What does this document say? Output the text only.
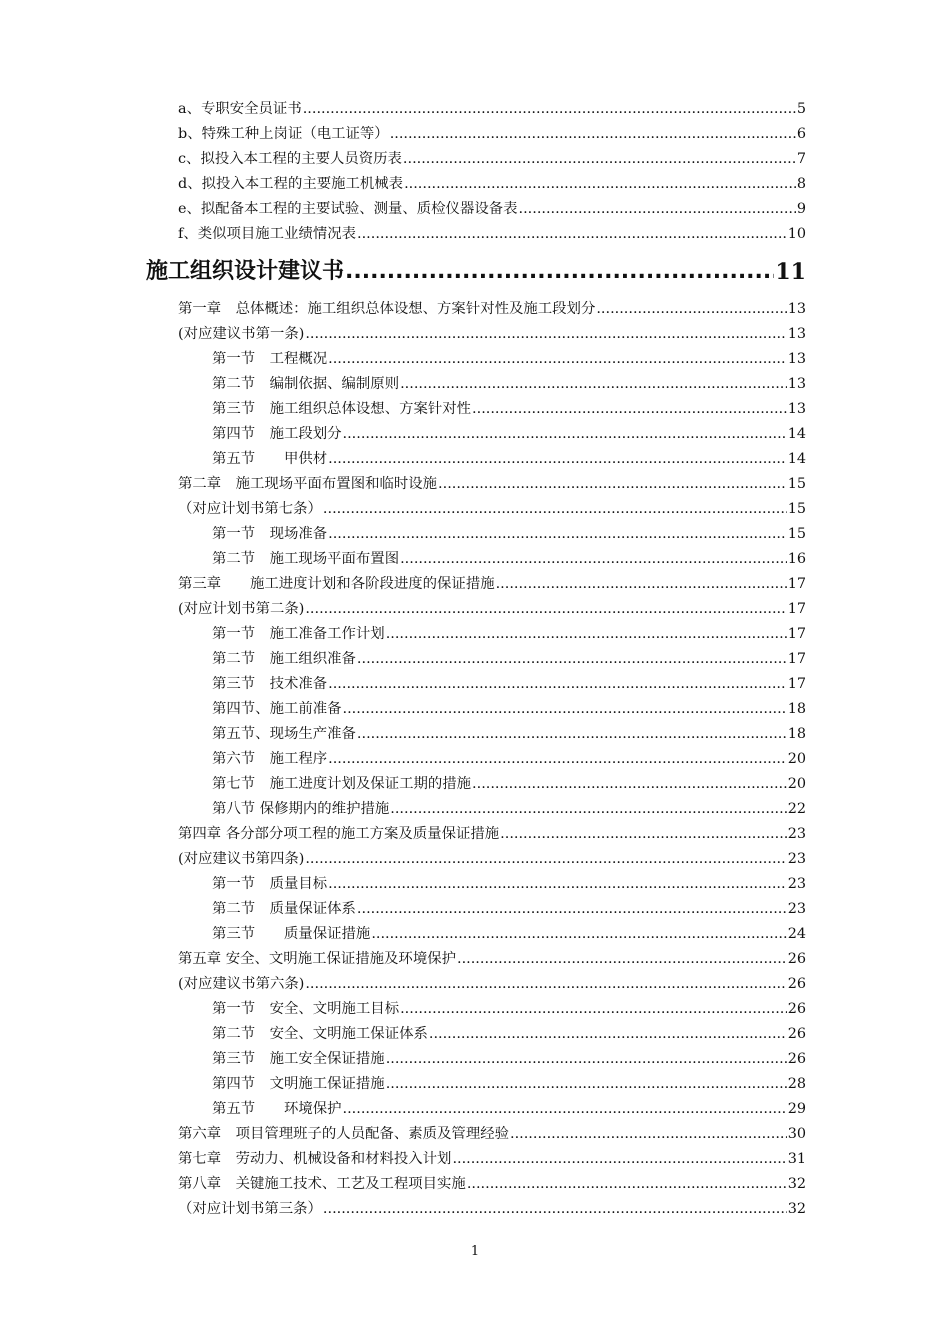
a、专职安全员证书 .....	5
b、特殊工种上岗证（电工证等） .....	6
c、拟投入本工程的主要人员资历表 .....	7
d、拟投入本工程的主要施工机械表 .....	8
e、拟配备本工程的主要试验、测量、质检仪器设备表 .....	9
f、类似项目施工业绩情况表 .....	10
施工组织设计建议书 .....	11
第一章　总体概述：施工组织总体设想、方案针对性及施工段划分 .....	13
(对应建议书第一条) .....	13
第一节　工程概况 .....	13
第二节　编制依据、编制原则 .....	13
第三节　施工组织总体设想、方案针对性 .....	13
第四节　施工段划分 .....	14
第五节　　甲供材 .....	14
第二章　施工现场平面布置图和临时设施 .....	15
（对应计划书第七条） .....	15
第一节　现场准备 .....	15
第二节　施工现场平面布置图 .....	16
第三章　　施工进度计划和各阶段进度的保证措施 .....	17
(对应计划书第二条) .....	17
第一节　施工准备工作计划 .....	17
第二节　施工组织准备 .....	17
第三节　技术准备 .....	17
第四节、施工前准备 .....	18
第五节、现场生产准备 .....	18
第六节　施工程序 .....	20
第七节　施工进度计划及保证工期的措施 .....	20
第八节 保修期内的维护措施 .....	22
第四章 各分部分项工程的施工方案及质量保证措施 .....	23
(对应建议书第四条) .....	23
第一节　质量目标 .....	23
第二节　质量保证体系 .....	23
第三节　　质量保证措施 .....	24
第五章 安全、文明施工保证措施及环境保护 .....	26
(对应建议书第六条) .....	26
第一节　安全、文明施工目标 .....	26
第二节　安全、文明施工保证体系 .....	26
第三节　施工安全保证措施 .....	26
第四节　文明施工保证措施 .....	28
第五节　　环境保护 .....	29
第六章　项目管理班子的人员配备、素质及管理经验 .....	30
第七章　劳动力、机械设备和材料投入计划 .....	31
第八章　关键施工技术、工艺及工程项目实施 .....	32
（对应计划书第三条） .....	32
1
